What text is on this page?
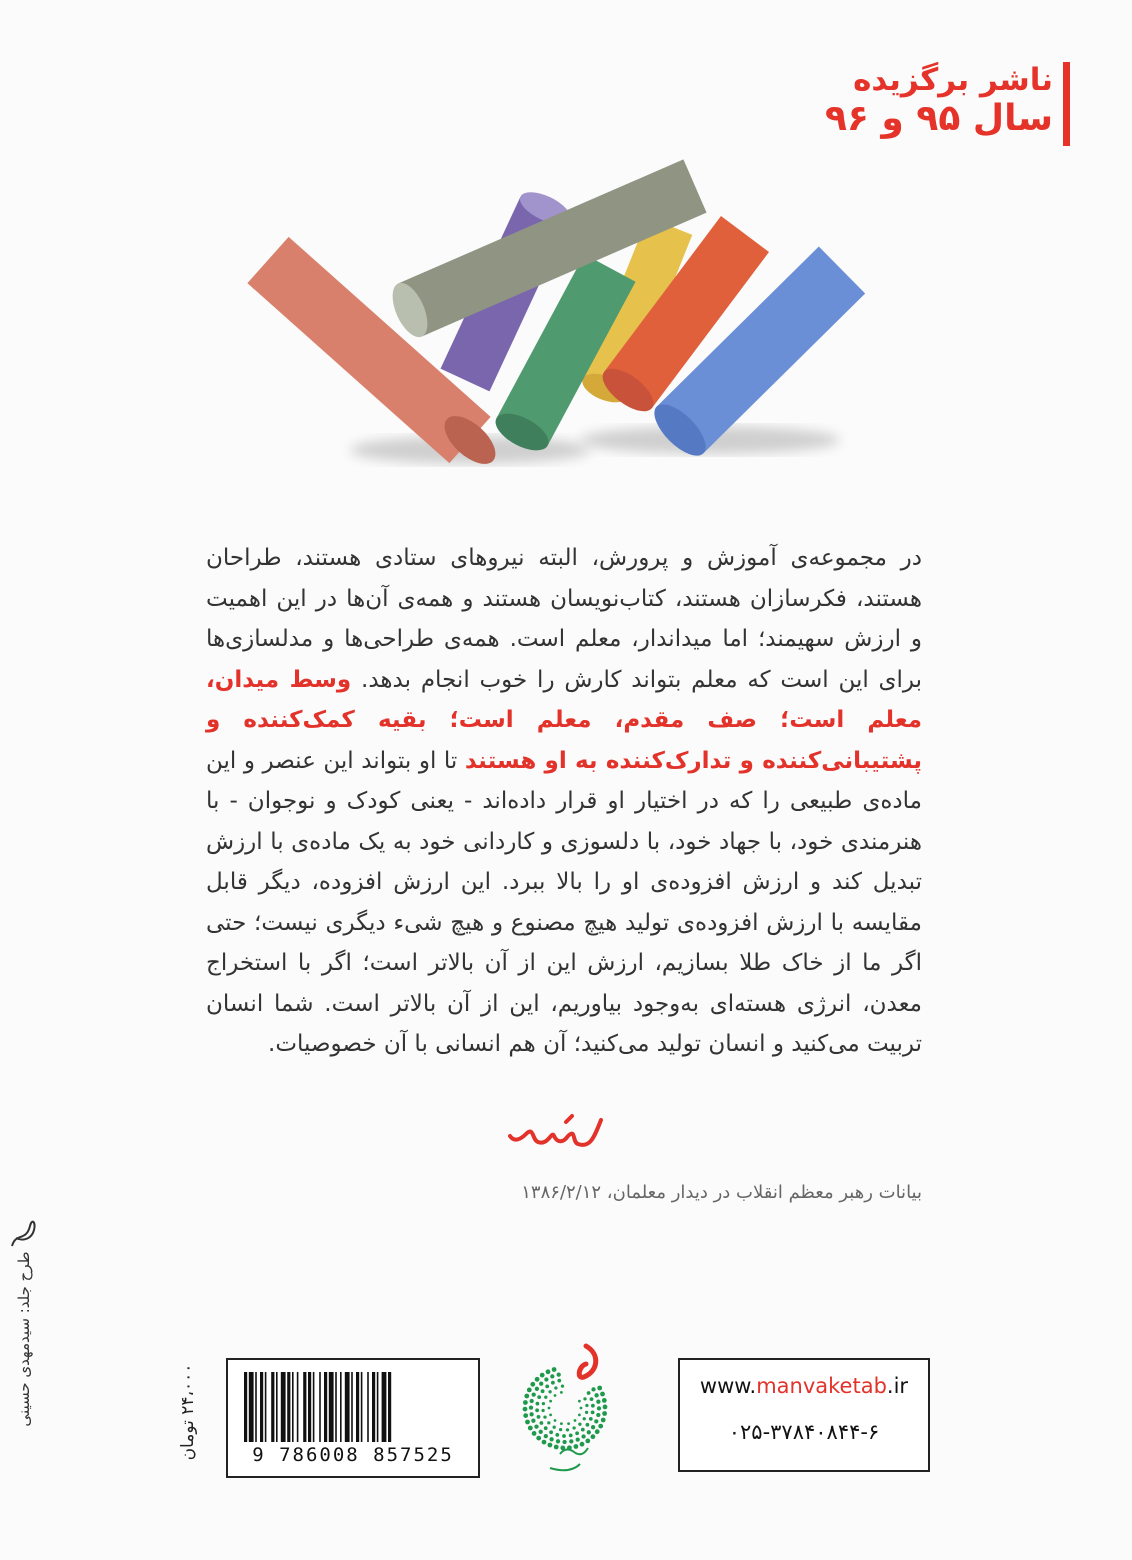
ناشر برگزیده
سال ۹۵ و ۹۶
در مجموعه‌ی آموزش و پرورش، البته نیروهای ستادی هستند، طراحان هستند، فکرسازان هستند، کتاب‌نویسان هستند و همه‌ی آن‌ها در این اهمیت و ارزش سهیمند؛ اما میداندار، معلم است. همه‌ی طراحی‌ها و مدلسازی‌ها برای این است که معلم بتواند کارش را خوب انجام بدهد. وسط میدان، معلم است؛ صف مقدم، معلم است؛ بقیه کمک‌کننده و پشتیبانی‌کننده و تدارک‌کننده به او هستند تا او بتواند این عنصر و این ماده‌ی طبیعی را که در اختیار او قرار داده‌اند - یعنی کودک و نوجوان - با هنرمندی خود، با جهاد خود، با دلسوزی و کاردانی خود به یک ماده‌ی با ارزش تبدیل کند و ارزش افزوده‌ی او را بالا ببرد. این ارزش افزوده، دیگر قابل مقایسه با ارزش افزوده‌ی تولید هیچ مصنوع و هیچ شیء دیگری نیست؛ حتی اگر ما از خاک طلا بسازیم، ارزش این از آن بالاتر است؛ اگر با استخراج معدن، انرژی هسته‌ای به‌وجود بیاوریم، این از آن بالاتر است. شما انسان تربیت می‌کنید و انسان تولید می‌کنید؛ آن هم انسانی با آن خصوصیات.
بیانات رهبر معظم انقلاب در دیدار معلمان، ۱۳۸۶/۲/۱۲
طرح جلد: سیدمهدی حسینی
۲۴،۰۰۰ تومان
9 786008 857525
www.manvaketab.ir
۰۲۵-۳۷۸۴۰۸۴۴-۶
